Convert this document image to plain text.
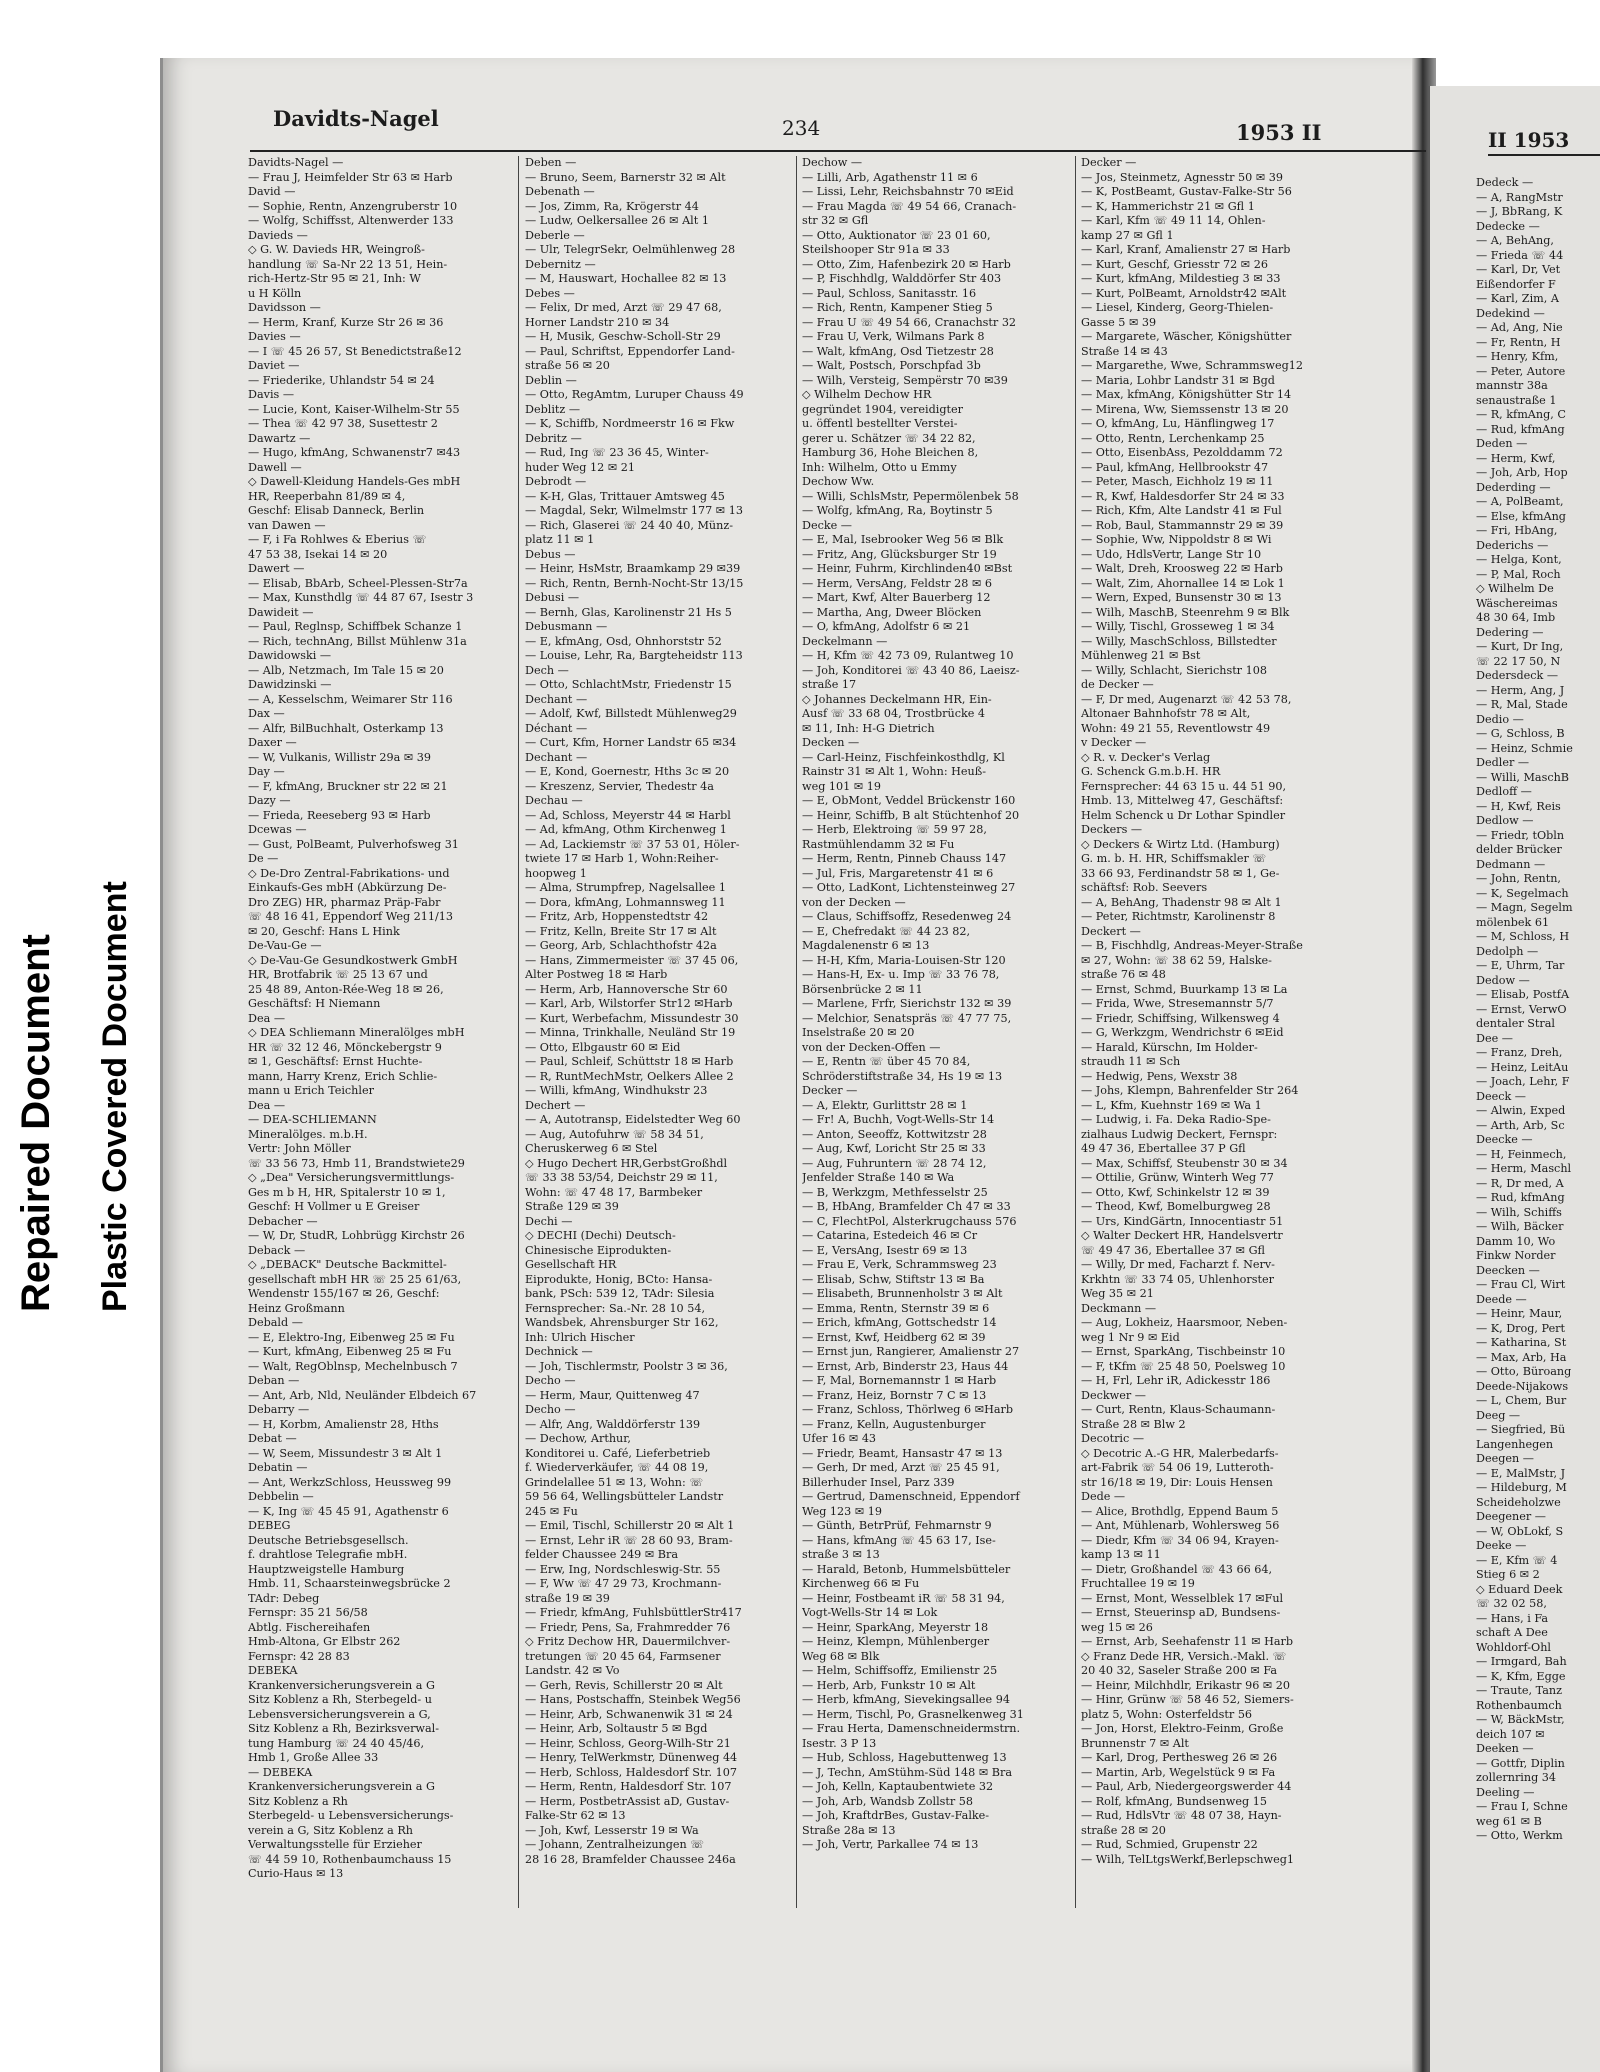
Repaired Document Plastic Covered Document
Davidts-Nagel	234	1953 II	II 1953
Davidts-Nagel —
— Frau J, Heimfelder Str 63 ✉ Harb
David —
— Sophie, Rentn, Anzengruberstr 10
— Wolfg, Schiffsst, Altenwerder 133
Davieds —
◇ G. W. Davieds HR, Weingroß-
handlung ☏ Sa-Nr 22 13 51, Hein-
rich-Hertz-Str 95 ✉ 21, Inh: W
u H Kölln
Davidsson —
— Herm, Kranf, Kurze Str 26 ✉ 36
Davies —
— I ☏ 45 26 57, St Benedictstraße12
Daviet —
— Friederike, Uhlandstr 54 ✉ 24
Davis —
— Lucie, Kont, Kaiser-Wilhelm-Str 55
— Thea ☏ 42 97 38, Susettestr 2
Dawartz —
— Hugo, kfmAng, Schwanenstr7 ✉43
Dawell —
◇ Dawell-Kleidung Handels-Ges mbH
HR, Reeperbahn 81/89 ✉ 4,
Geschf: Elisab Danneck, Berlin
van Dawen —
— F, i Fa Rohlwes & Eberius ☏
47 53 38, Isekai 14 ✉ 20
Dawert —
— Elisab, BbArb, Scheel-Plessen-Str7a
— Max, Kunsthdlg ☏ 44 87 67, Isestr 3
Dawideit —
— Paul, Reglnsp, Schiffbek Schanze 1
— Rich, technAng, Billst Mühlenw 31a
Dawidowski —
— Alb, Netzmach, Im Tale 15 ✉ 20
Dawidzinski —
— A, Kesselschm, Weimarer Str 116
Dax —
— Alfr, BilBuchhalt, Osterkamp 13
Daxer —
— W, Vulkanis, Willistr 29a ✉ 39
Day —
— F, kfmAng, Bruckner str 22 ✉ 21
Dazy —
— Frieda, Reeseberg 93 ✉ Harb
Dcewas —
— Gust, PolBeamt, Pulverhofsweg 31
De —
◇ De-Dro Zentral-Fabrikations- und
Einkaufs-Ges mbH (Abkürzung De-
Dro ZEG) HR, pharmaz Präp-Fabr
☏ 48 16 41, Eppendorf Weg 211/13
✉ 20, Geschf: Hans L Hink
De-Vau-Ge —
◇ De-Vau-Ge Gesundkostwerk GmbH
HR, Brotfabrik ☏ 25 13 67 und
25 48 89, Anton-Rée-Weg 18 ✉ 26,
Geschäftsf: H Niemann
Dea —
◇ DEA Schliemann Mineralölges mbH
HR ☏ 32 12 46, Mönckebergstr 9
✉ 1, Geschäftsf: Ernst Huchte-
mann, Harry Krenz, Erich Schlie-
mann u Erich Teichler
Dea —
— DEA-SCHLIEMANN
Mineralölges. m.b.H.
Vertr: John Möller
☏ 33 56 73, Hmb 11, Brandstwiete29
◇ „Dea" Versicherungsvermittlungs-
Ges m b H, HR, Spitalerstr 10 ✉ 1,
Geschf: H Vollmer u E Greiser
Debacher —
— W, Dr, StudR, Lohbrügg Kirchstr 26
Deback —
◇ „DEBACK" Deutsche Backmittel-
gesellschaft mbH HR ☏ 25 25 61/63,
Wendenstr 155/167 ✉ 26, Geschf:
Heinz Großmann
Debald —
— E, Elektro-Ing, Eibenweg 25 ✉ Fu
— Kurt, kfmAng, Eibenweg 25 ✉ Fu
— Walt, RegOblnsp, Mechelnbusch 7
Deban —
— Ant, Arb, Nld, Neuländer Elbdeich 67
Debarry —
— H, Korbm, Amalienstr 28, Hths
Debat —
— W, Seem, Missundestr 3 ✉ Alt 1
Debatin —
— Ant, WerkzSchloss, Heussweg 99
Debbelin —
— K, Ing ☏ 45 45 91, Agathenstr 6
DEBEG
Deutsche Betriebsgesellsch.
f. drahtlose Telegrafie mbH.
Hauptzweigstelle Hamburg
Hmb. 11, Schaarsteinwegsbrücke 2
TAdr: Debeg
Fernspr: 35 21 56/58
Abtlg. Fischereihafen
Hmb-Altona, Gr Elbstr 262
Fernspr: 42 28 83
DEBEKA
Krankenversicherungsverein a G
Sitz Koblenz a Rh, Sterbegeld- u
Lebensversicherungsverein a G,
Sitz Koblenz a Rh, Bezirksverwal-
tung Hamburg ☏ 24 40 45/46,
Hmb 1, Große Allee 33
— DEBEKA
Krankenversicherungsverein a G
Sitz Koblenz a Rh
Sterbegeld- u Lebensversicherungs-
verein a G, Sitz Koblenz a Rh
Verwaltungsstelle für Erzieher
☏ 44 59 10, Rothenbaumchauss 15
Curio-Haus ✉ 13
Deben —
— Bruno, Seem, Barnerstr 32 ✉ Alt
Debenath —
— Jos, Zimm, Ra, Krögerstr 44
— Ludw, Oelkersallee 26 ✉ Alt 1
Deberle —
— Ulr, TelegrSekr, Oelmühlenweg 28
Debernitz —
— M, Hauswart, Hochallee 82 ✉ 13
Debes —
— Felix, Dr med, Arzt ☏ 29 47 68,
Horner Landstr 210 ✉ 34
— H, Musik, Geschw-Scholl-Str 29
— Paul, Schriftst, Eppendorfer Land-
straße 56 ✉ 20
Deblin —
— Otto, RegAmtm, Luruper Chauss 49
Deblitz —
— K, Schiffb, Nordmeerstr 16 ✉ Fkw
Debritz —
— Rud, Ing ☏ 23 36 45, Winter-
huder Weg 12 ✉ 21
Debrodt —
— K-H, Glas, Trittauer Amtsweg 45
— Magdal, Sekr, Wilmelmstr 177 ✉ 13
— Rich, Glaserei ☏ 24 40 40, Münz-
platz 11 ✉ 1
Debus —
— Heinr, HsMstr, Braamkamp 29 ✉39
— Rich, Rentn, Bernh-Nocht-Str 13/15
Debusi —
— Bernh, Glas, Karolinenstr 21 Hs 5
Debusmann —
— E, kfmAng, Osd, Ohnhorststr 52
— Louise, Lehr, Ra, Bargteheidstr 113
Dech —
— Otto, SchlachtMstr, Friedenstr 15
Dechant —
— Adolf, Kwf, Billstedt Mühlenweg29
Déchant —
— Curt, Kfm, Horner Landstr 65 ✉34
Dechant —
— E, Kond, Goernestr, Hths 3c ✉ 20
— Kreszenz, Servier, Thedestr 4a
Dechau —
— Ad, Schloss, Meyerstr 44 ✉ Harbl
— Ad, kfmAng, Othm Kirchenweg 1
— Ad, Lackiemstr ☏ 37 53 01, Höler-
twiete 17 ✉ Harb 1, Wohn:Reiher-
hoopweg 1
— Alma, Strumpfrep, Nagelsallee 1
— Dora, kfmAng, Lohmannsweg 11
— Fritz, Arb, Hoppenstedtstr 42
— Fritz, Kelln, Breite Str 17 ✉ Alt
— Georg, Arb, Schlachthofstr 42a
— Hans, Zimmermeister ☏ 37 45 06,
Alter Postweg 18 ✉ Harb
— Herm, Arb, Hannoversche Str 60
— Karl, Arb, Wilstorfer Str12 ✉Harb
— Kurt, Werbefachm, Missundestr 30
— Minna, Trinkhalle, Neuländ Str 19
— Otto, Elbgaustr 60 ✉ Eid
— Paul, Schleif, Schüttstr 18 ✉ Harb
— R, RuntMechMstr, Oelkers Allee 2
— Willi, kfmAng, Windhukstr 23
Dechert —
— A, Autotransp, Eidelstedter Weg 60
— Aug, Autofuhrw ☏ 58 34 51,
Cheruskerweg 6 ✉ Stel
◇ Hugo Dechert HR,GerbstGroßhdl
☏ 33 38 53/54, Deichstr 29 ✉ 11,
Wohn: ☏ 47 48 17, Barmbeker
Straße 129 ✉ 39
Dechi —
◇ DECHI (Dechi) Deutsch-
Chinesische Eiprodukten-
Gesellschaft HR
Eiprodukte, Honig, BCto: Hansa-
bank, PSch: 539 12, TAdr: Silesia
Fernsprecher: Sa.-Nr. 28 10 54,
Wandsbek, Ahrensburger Str 162,
Inh: Ulrich Hischer
Dechnick —
— Joh, Tischlermstr, Poolstr 3 ✉ 36,
Decho —
— Herm, Maur, Quittenweg 47
Decho —
— Alfr, Ang, Walddörferstr 139
— Dechow, Arthur,
Konditorei u. Café, Lieferbetrieb
f. Wiederverkäufer, ☏ 44 08 19,
Grindelallee 51 ✉ 13, Wohn: ☏
59 56 64, Wellingsbütteler Landstr
245 ✉ Fu
— Emil, Tischl, Schillerstr 20 ✉ Alt 1
— Ernst, Lehr iR ☏ 28 60 93, Bram-
felder Chaussee 249 ✉ Bra
— Erw, Ing, Nordschleswig-Str. 55
— F, Ww ☏ 47 29 73, Krochmann-
straße 19 ✉ 39
— Friedr, kfmAng, FuhlsbüttlerStr417
— Friedr, Pens, Sa, Frahmredder 76
◇ Fritz Dechow HR, Dauermilchver-
tretungen ☏ 20 45 64, Farmsener
Landstr. 42 ✉ Vo
— Gerh, Revis, Schillerstr 20 ✉ Alt
— Hans, Postschaffn, Steinbek Weg56
— Heinr, Arb, Schwanenwik 31 ✉ 24
— Heinr, Arb, Soltaustr 5 ✉ Bgd
— Heinr, Schloss, Georg-Wilh-Str 21
— Henry, TelWerkmstr, Dünenweg 44
— Herb, Schloss, Haldesdorf Str. 107
— Herm, Rentn, Haldesdorf Str. 107
— Herm, PostbetrAssist aD, Gustav-
Falke-Str 62 ✉ 13
— Joh, Kwf, Lesserstr 19 ✉ Wa
— Johann, Zentralheizungen ☏
28 16 28, Bramfelder Chaussee 246a
Dechow —
— Lilli, Arb, Agathenstr 11 ✉ 6
— Lissi, Lehr, Reichsbahnstr 70 ✉Eid
— Frau Magda ☏ 49 54 66, Cranach-
str 32 ✉ Gfl
— Otto, Auktionator ☏ 23 01 60,
Steilshooper Str 91a ✉ 33
— Otto, Zim, Hafenbezirk 20 ✉ Harb
— P, Fischhdlg, Walddörfer Str 403
— Paul, Schloss, Sanitasstr. 16
— Rich, Rentn, Kampener Stieg 5
— Frau U ☏ 49 54 66, Cranachstr 32
— Frau U, Verk, Wilmans Park 8
— Walt, kfmAng, Osd Tietzestr 28
— Walt, Postsch, Porschpfad 3b
— Wilh, Versteig, Sempërstr 70 ✉39
◇ Wilhelm Dechow HR
gegründet 1904, vereidigter
u. öffentl bestellter Verstei-
gerer u. Schätzer ☏ 34 22 82,
Hamburg 36, Hohe Bleichen 8,
Inh: Wilhelm, Otto u Emmy
Dechow Ww.
— Willi, SchlsMstr, Pepermölenbek 58
— Wolfg, kfmAng, Ra, Boytinstr 5
Decke —
— E, Mal, Isebrooker Weg 56 ✉ Blk
— Fritz, Ang, Glücksburger Str 19
— Heinr, Fuhrm, Kirchlinden40 ✉Bst
— Herm, VersAng, Feldstr 28 ✉ 6
— Mart, Kwf, Alter Bauerberg 12
— Martha, Ang, Dweer Blöcken
— O, kfmAng, Adolfstr 6 ✉ 21
Deckelmann —
— H, Kfm ☏ 42 73 09, Rulantweg 10
— Joh, Konditorei ☏ 43 40 86, Laeisz-
straße 17
◇ Johannes Deckelmann HR, Ein-
Ausf ☏ 33 68 04, Trostbrücke 4
✉ 11, Inh: H-G Dietrich
Decken —
— Carl-Heinz, Fischfeinkosthdlg, Kl
Rainstr 31 ✉ Alt 1, Wohn: Heuß-
weg 101 ✉ 19
— E, ObMont, Veddel Brückenstr 160
— Heinr, Schiffb, B alt Stüchtenhof 20
— Herb, Elektroing ☏ 59 97 28,
Rastmühlendamm 32 ✉ Fu
— Herm, Rentn, Pinneb Chauss 147
— Jul, Fris, Margaretenstr 41 ✉ 6
— Otto, LadKont, Lichtensteinweg 27
von der Decken —
— Claus, Schiffsoffz, Resedenweg 24
— E, Chefredakt ☏ 44 23 82,
Magdalenenstr 6 ✉ 13
— H-H, Kfm, Maria-Louisen-Str 120
— Hans-H, Ex- u. Imp ☏ 33 76 78,
Börsenbrücke 2 ✉ 11
— Marlene, Frfr, Sierichstr 132 ✉ 39
— Melchior, Senatspräs ☏ 47 77 75,
Inselstraße 20 ✉ 20
von der Decken-Offen —
— E, Rentn ☏ über 45 70 84,
Schröderstiftstraße 34, Hs 19 ✉ 13
Decker —
— A, Elektr, Gurlittstr 28 ✉ 1
— Fr! A, Buchh, Vogt-Wells-Str 14
— Anton, Seeoffz, Kottwitzstr 28
— Aug, Kwf, Loricht Str 25 ✉ 33
— Aug, Fuhruntern ☏ 28 74 12,
Jenfelder Straße 140 ✉ Wa
— B, Werkzgm, Methfesselstr 25
— B, HbAng, Bramfelder Ch 47 ✉ 33
— C, FlechtPol, Alsterkrugchauss 576
— Catarina, Estedeich 46 ✉ Cr
— E, VersAng, Isestr 69 ✉ 13
— Frau E, Verk, Schrammsweg 23
— Elisab, Schw, Stiftstr 13 ✉ Ba
— Elisabeth, Brunnenholstr 3 ✉ Alt
— Emma, Rentn, Sternstr 39 ✉ 6
— Erich, kfmAng, Gottschedstr 14
— Ernst, Kwf, Heidberg 62 ✉ 39
— Ernst jun, Rangierer, Amalienstr 27
— Ernst, Arb, Binderstr 23, Haus 44
— F, Mal, Bornemannstr 1 ✉ Harb
— Franz, Heiz, Bornstr 7 C ✉ 13
— Franz, Schloss, Thörlweg 6 ✉Harb
— Franz, Kelln, Augustenburger
Ufer 16 ✉ 43
— Friedr, Beamt, Hansastr 47 ✉ 13
— Gerh, Dr med, Arzt ☏ 25 45 91,
Billerhuder Insel, Parz 339
— Gertrud, Damenschneid, Eppendorf
Weg 123 ✉ 19
— Günth, BetrPrüf, Fehmarnstr 9
— Hans, kfmAng ☏ 45 63 17, Ise-
straße 3 ✉ 13
— Harald, Betonb, Hummelsbütteler
Kirchenweg 66 ✉ Fu
— Heinr, Fostbeamt iR ☏ 58 31 94,
Vogt-Wells-Str 14 ✉ Lok
— Heinr, SparkAng, Meyerstr 18
— Heinz, Klempn, Mühlenberger
Weg 68 ✉ Blk
— Helm, Schiffsoffz, Emilienstr 25
— Herb, Arb, Funkstr 10 ✉ Alt
— Herb, kfmAng, Sievekingsallee 94
— Herm, Tischl, Po, Grasnelkenweg 31
— Frau Herta, Damenschneidermstrn.
Isestr. 3 P 13
— Hub, Schloss, Hagebuttenweg 13
— J, Techn, AmStühm-Süd 148 ✉ Bra
— Joh, Kelln, Kaptaubentwiete 32
— Joh, Arb, Wandsb Zollstr 58
— Joh, KraftdrBes, Gustav-Falke-
Straße 28a ✉ 13
— Joh, Vertr, Parkallee 74 ✉ 13
Decker —
— Jos, Steinmetz, Agnesstr 50 ✉ 39
— K, PostBeamt, Gustav-Falke-Str 56
— K, Hammerichstr 21 ✉ Gfl 1
— Karl, Kfm ☏ 49 11 14, Ohlen-
kamp 27 ✉ Gfl 1
— Karl, Kranf, Amalienstr 27 ✉ Harb
— Kurt, Geschf, Griesstr 72 ✉ 26
— Kurt, kfmAng, Mildestieg 3 ✉ 33
— Kurt, PolBeamt, Arnoldstr42 ✉Alt
— Liesel, Kinderg, Georg-Thielen-
Gasse 5 ✉ 39
— Margarete, Wäscher, Königshütter
Straße 14 ✉ 43
— Margarethe, Wwe, Schrammsweg12
— Maria, Lohbr Landstr 31 ✉ Bgd
— Max, kfmAng, Königshütter Str 14
— Mirena, Ww, Siemssenstr 13 ✉ 20
— O, kfmAng, Lu, Hänflingweg 17
— Otto, Rentn, Lerchenkamp 25
— Otto, EisenbAss, Pezolddamm 72
— Paul, kfmAng, Hellbrookstr 47
— Peter, Masch, Eichholz 19 ✉ 11
— R, Kwf, Haldesdorfer Str 24 ✉ 33
— Rich, Kfm, Alte Landstr 41 ✉ Ful
— Rob, Baul, Stammannstr 29 ✉ 39
— Sophie, Ww, Nippoldstr 8 ✉ Wi
— Udo, HdlsVertr, Lange Str 10
— Walt, Dreh, Kroosweg 22 ✉ Harb
— Walt, Zim, Ahornallee 14 ✉ Lok 1
— Wern, Exped, Bunsenstr 30 ✉ 13
— Wilh, MaschB, Steenrehm 9 ✉ Blk
— Willy, Tischl, Grosseweg 1 ✉ 34
— Willy, MaschSchloss, Billstedter
Mühlenweg 21 ✉ Bst
— Willy, Schlacht, Sierichstr 108
de Decker —
— F, Dr med, Augenarzt ☏ 42 53 78,
Altonaer Bahnhofstr 78 ✉ Alt,
Wohn: 49 21 55, Reventlowstr 49
v Decker —
◇ R. v. Decker's Verlag
G. Schenck G.m.b.H. HR
Fernsprecher: 44 63 15 u. 44 51 90,
Hmb. 13, Mittelweg 47, Geschäftsf:
Helm Schenck u Dr Lothar Spindler
Deckers —
◇ Deckers & Wirtz Ltd. (Hamburg)
G. m. b. H. HR, Schiffsmakler ☏
33 66 93, Ferdinandstr 58 ✉ 1, Ge-
schäftsf: Rob. Seevers
— A, BehAng, Thadenstr 98 ✉ Alt 1
— Peter, Richtmstr, Karolinenstr 8
Deckert —
— B, Fischhdlg, Andreas-Meyer-Straße
✉ 27, Wohn: ☏ 38 62 59, Halske-
straße 76 ✉ 48
— Ernst, Schmd, Buurkamp 13 ✉ La
— Frida, Wwe, Stresemannstr 5/7
— Friedr, Schiffsing, Wilkensweg 4
— G, Werkzgm, Wendrichstr 6 ✉Eid
— Harald, Kürschn, Im Holder-
straudh 11 ✉ Sch
— Hedwig, Pens, Wexstr 38
— Johs, Klempn, Bahrenfelder Str 264
— L, Kfm, Kuehnstr 169 ✉ Wa 1
— Ludwig, i. Fa. Deka Radio-Spe-
zialhaus Ludwig Deckert, Fernspr:
49 47 36, Ebertallee 37 P Gfl
— Max, Schiffsf, Steubenstr 30 ✉ 34
— Ottilie, Grünw, Winterh Weg 77
— Otto, Kwf, Schinkelstr 12 ✉ 39
— Theod, Kwf, Bomelburgweg 28
— Urs, KindGärtn, Innocentiastr 51
◇ Walter Deckert HR, Handelsvertr
☏ 49 47 36, Ebertallee 37 ✉ Gfl
— Willy, Dr med, Facharzt f. Nerv-
Krkhtn ☏ 33 74 05, Uhlenhorster
Weg 35 ✉ 21
Deckmann —
— Aug, Lokheiz, Haarsmoor, Neben-
weg 1 Nr 9 ✉ Eid
— Ernst, SparkAng, Tischbeinstr 10
— F, tKfm ☏ 25 48 50, Poelsweg 10
— H, Frl, Lehr iR, Adickesstr 186
Deckwer —
— Curt, Rentn, Klaus-Schaumann-
Straße 28 ✉ Blw 2
Decotric —
◇ Decotric A.-G HR, Malerbedarfs-
art-Fabrik ☏ 54 06 19, Lutteroth-
str 16/18 ✉ 19, Dir: Louis Hensen
Dede —
— Alice, Brothdlg, Eppend Baum 5
— Ant, Mühlenarb, Wohlersweg 56
— Diedr, Kfm ☏ 34 06 94, Krayen-
kamp 13 ✉ 11
— Dietr, Großhandel ☏ 43 66 64,
Fruchtallee 19 ✉ 19
— Ernst, Mont, Wesselblek 17 ✉Ful
— Ernst, Steuerinsp aD, Bundsens-
weg 15 ✉ 26
— Ernst, Arb, Seehafenstr 11 ✉ Harb
◇ Franz Dede HR, Versich.-Makl. ☏
20 40 32, Saseler Straße 200 ✉ Fa
— Heinr, Milchhdlr, Erikastr 96 ✉ 20
— Hinr, Grünw ☏ 58 46 52, Siemers-
platz 5, Wohn: Osterfeldstr 56
— Jon, Horst, Elektro-Feinm, Große
Brunnenstr 7 ✉ Alt
— Karl, Drog, Perthesweg 26 ✉ 26
— Martin, Arb, Wegelstück 9 ✉ Fa
— Paul, Arb, Niedergeorgswerder 44
— Rolf, kfmAng, Bundsenweg 15
— Rud, HdlsVtr ☏ 48 07 38, Hayn-
straße 28 ✉ 20
— Rud, Schmied, Grupenstr 22
— Wilh, TelLtgsWerkf,Berlepschweg1
Dedeck —
— A, RangMstr
— J, BbRang, K
Dedecke —
— A, BehAng,
— Frieda ☏ 44
— Karl, Dr, Vet
Eißendorfer F
— Karl, Zim, A
Dedekind —
— Ad, Ang, Nie
— Fr, Rentn, H
— Henry, Kfm,
— Peter, Autore
mannstr 38a
senaustraße 1
— R, kfmAng, C
— Rud, kfmAng
Deden —
— Herm, Kwf,
— Joh, Arb, Hop
Dederding —
— A, PolBeamt,
— Else, kfmAng
— Fri, HbAng,
Dederichs —
— Helga, Kont,
— P, Mal, Roch
◇ Wilhelm De
Wäschereimas
48 30 64, Imb
Dedering —
— Kurt, Dr Ing,
☏ 22 17 50, N
Dedersdeck —
— Herm, Ang, J
— R, Mal, Stade
Dedio —
— G, Schloss, B
— Heinz, Schmie
Dedler —
— Willi, MaschB
Dedloff —
— H, Kwf, Reis
Dedlow —
— Friedr, tObln
delder Brücker
Dedmann —
— John, Rentn,
— K, Segelmach
— Magn, Segelm
mölenbek 61
— M, Schloss, H
Dedolph —
— E, Uhrm, Tar
Dedow —
— Elisab, PostfA
— Ernst, VerwO
dentaler Stral
Dee —
— Franz, Dreh,
— Heinz, LeitAu
— Joach, Lehr, F
Deeck —
— Alwin, Exped
— Arth, Arb, Sc
Deecke —
— H, Feinmech,
— Herm, Maschl
— R, Dr med, A
— Rud, kfmAng
— Wilh, Schiffs
— Wilh, Bäcker
Damm 10, Wo
Finkw Norder
Deecken —
— Frau Cl, Wirt
Deede —
— Heinr, Maur,
— K, Drog, Pert
— Katharina, St
— Max, Arb, Ha
— Otto, Büroang
Deede-Nijakows
— L, Chem, Bur
Deeg —
— Siegfried, Bü
Langenhegen
Deegen —
— E, MalMstr, J
— Hildeburg, M
Scheideholzwe
Deegener —
— W, ObLokf, S
Deeke —
— E, Kfm ☏ 4
Stieg 6 ✉ 2
◇ Eduard Deek
☏ 32 02 58,
— Hans, i Fa
schaft A Dee
Wohldorf-Ohl
— Irmgard, Bah
— K, Kfm, Egge
— Traute, Tanz
Rothenbaumch
— W, BäckMstr,
deich 107 ✉
Deeken —
— Gottfr, Diplin
zollernring 34
Deeling —
— Frau I, Schne
weg 61 ✉ B
— Otto, Werkm
